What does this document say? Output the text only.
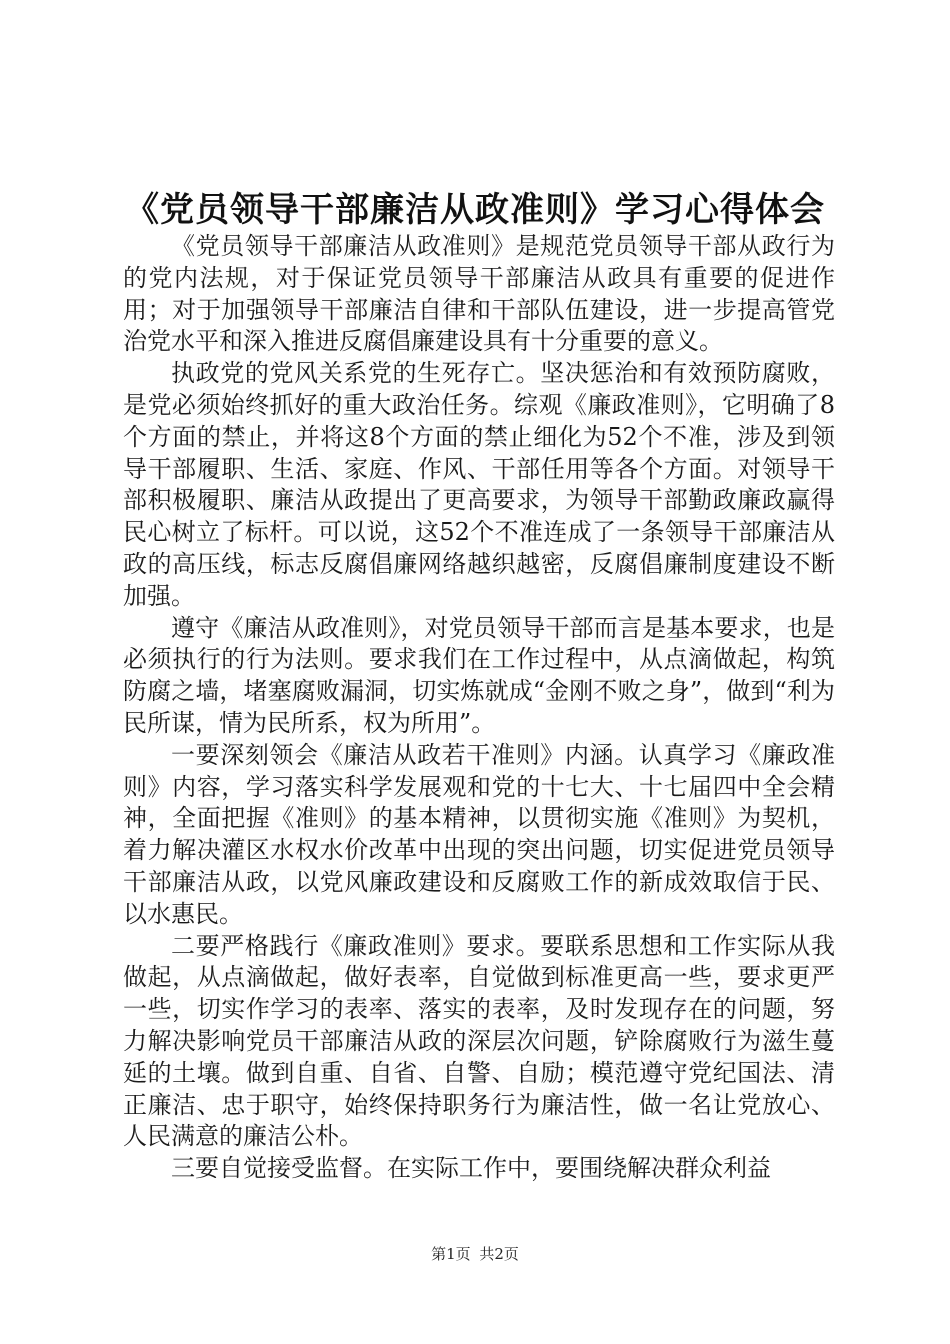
《党员领导干部廉洁从政准则》学习心得体会

《党员领导干部廉洁从政准则》是规范党员领导干部从政行为的党内法规，对于保证党员领导干部廉洁从政具有重要的促进作用；对于加强领导干部廉洁自律和干部队伍建设，进一步提高管党治党水平和深入推进反腐倡廉建设具有十分重要的意义。

执政党的党风关系党的生死存亡。坚决惩治和有效预防腐败，是党必须始终抓好的重大政治任务。综观《廉政准则》，它明确了8个方面的禁止，并将这8个方面的禁止细化为52个不准，涉及到领导干部履职、生活、家庭、作风、干部任用等各个方面。对领导干部积极履职、廉洁从政提出了更高要求，为领导干部勤政廉政赢得民心树立了标杆。可以说，这52个不准连成了一条领导干部廉洁从政的高压线，标志反腐倡廉网络越织越密，反腐倡廉制度建设不断加强。

遵守《廉洁从政准则》，对党员领导干部而言是基本要求，也是必须执行的行为法则。要求我们在工作过程中，从点滴做起，构筑防腐之墙，堵塞腐败漏洞，切实炼就成“金刚不败之身”，做到“利为民所谋，情为民所系，权为所用”。

一要深刻领会《廉洁从政若干准则》内涵。认真学习《廉政准则》内容，学习落实科学发展观和党的十七大、十七届四中全会精神，全面把握《准则》的基本精神，以贯彻实施《准则》为契机，着力解决灌区水权水价改革中出现的突出问题，切实促进党员领导干部廉洁从政，以党风廉政建设和反腐败工作的新成效取信于民、以水惠民。

二要严格践行《廉政准则》要求。要联系思想和工作实际从我做起，从点滴做起，做好表率，自觉做到标准更高一些，要求更严一些，切实作学习的表率、落实的表率，及时发现存在的问题，努力解决影响党员干部廉洁从政的深层次问题，铲除腐败行为滋生蔓延的土壤。做到自重、自省、自警、自励；模范遵守党纪国法、清正廉洁、忠于职守，始终保持职务行为廉洁性，做一名让党放心、人民满意的廉洁公朴。

三要自觉接受监督。在实际工作中，要围绕解决群众利益

第1页 共2页
